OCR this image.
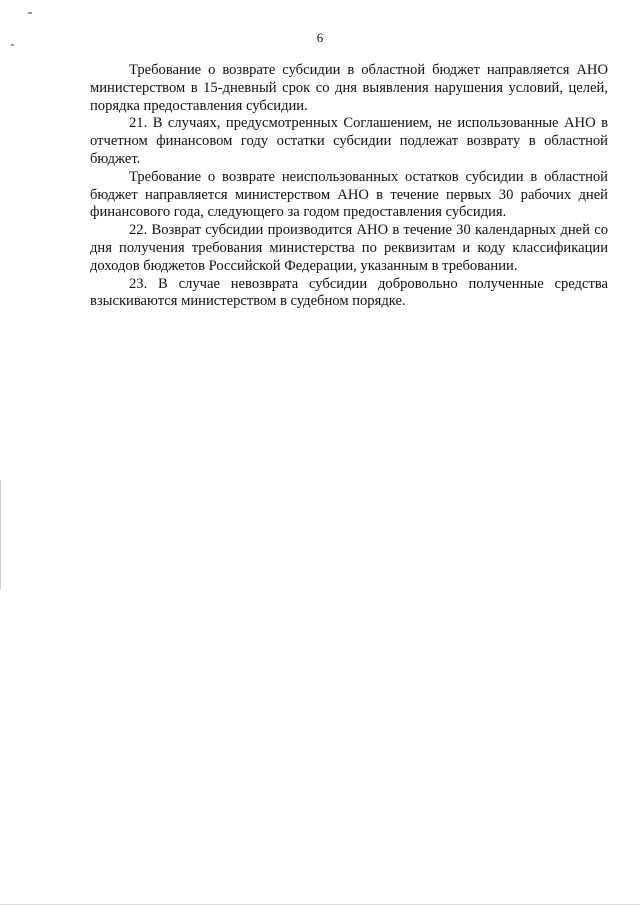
6

Требование о возврате субсидии в областной бюджет направляется АНО министерством в 15-дневный срок со дня выявления нарушения условий, целей, порядка предоставления субсидии.

21. В случаях, предусмотренных Соглашением, не использованные АНО в отчетном финансовом году остатки субсидии подлежат возврату в областной бюджет.

Требование о возврате неиспользованных остатков субсидии в областной бюджет направляется министерством АНО в течение первых 30 рабочих дней финансового года, следующего за годом предоставления субсидия.

22. Возврат субсидии производится АНО в течение 30 календарных дней со дня получения требования министерства по реквизитам и коду классификации доходов бюджетов Российской Федерации, указанным в требовании.

23. В случае невозврата субсидии добровольно полученные средства взыскиваются министерством в судебном порядке.
